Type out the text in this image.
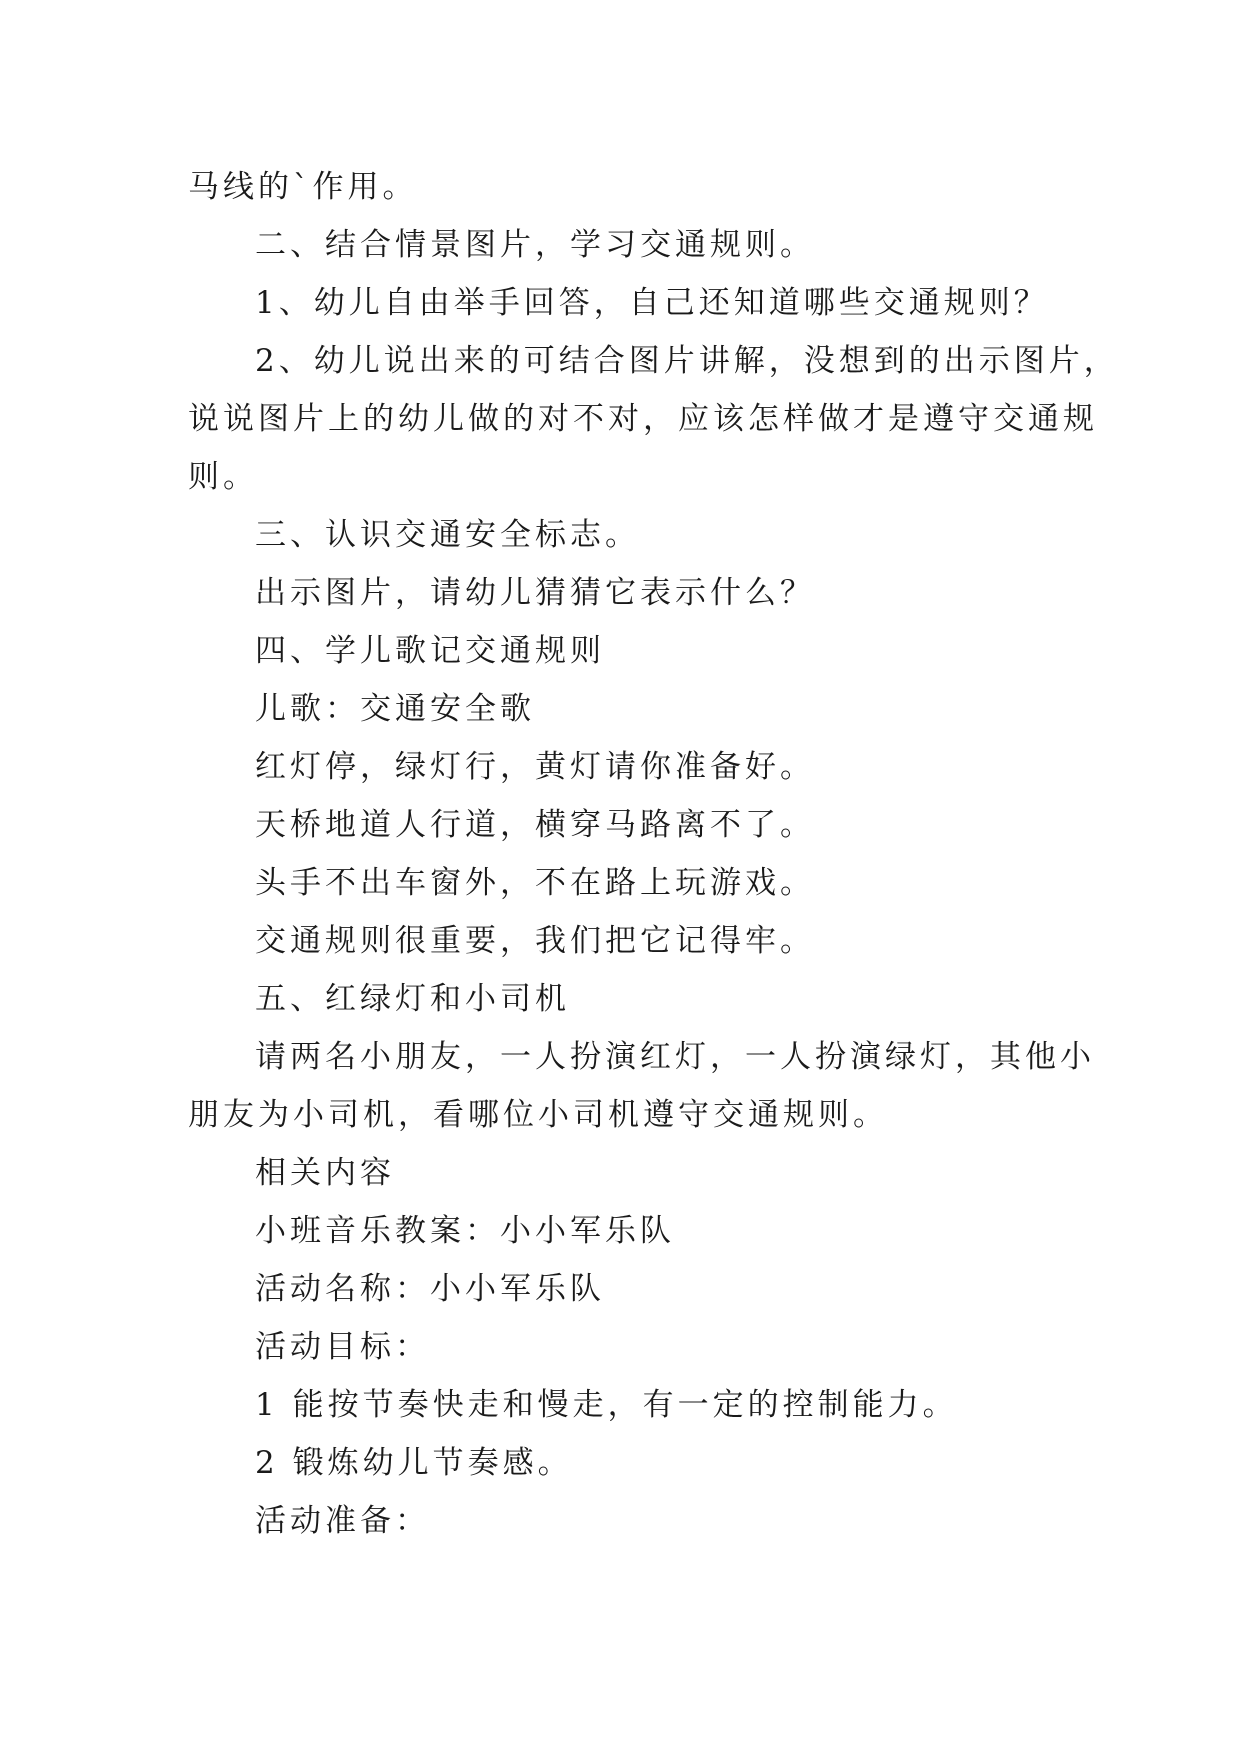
马线的`作用。
二、结合情景图片，学习交通规则。
1、幼儿自由举手回答，自己还知道哪些交通规则？
2、幼儿说出来的可结合图片讲解，没想到的出示图片，
说说图片上的幼儿做的对不对，应该怎样做才是遵守交通规
则。
三、认识交通安全标志。
出示图片，请幼儿猜猜它表示什么？
四、学儿歌记交通规则
儿歌：交通安全歌
红灯停，绿灯行，黄灯请你准备好。
天桥地道人行道，横穿马路离不了。
头手不出车窗外，不在路上玩游戏。
交通规则很重要，我们把它记得牢。
五、红绿灯和小司机
请两名小朋友，一人扮演红灯，一人扮演绿灯，其他小
朋友为小司机，看哪位小司机遵守交通规则。
相关内容
小班音乐教案：小小军乐队
活动名称：小小军乐队
活动目标：
1 能按节奏快走和慢走，有一定的控制能力。
2 锻炼幼儿节奏感。
活动准备：
